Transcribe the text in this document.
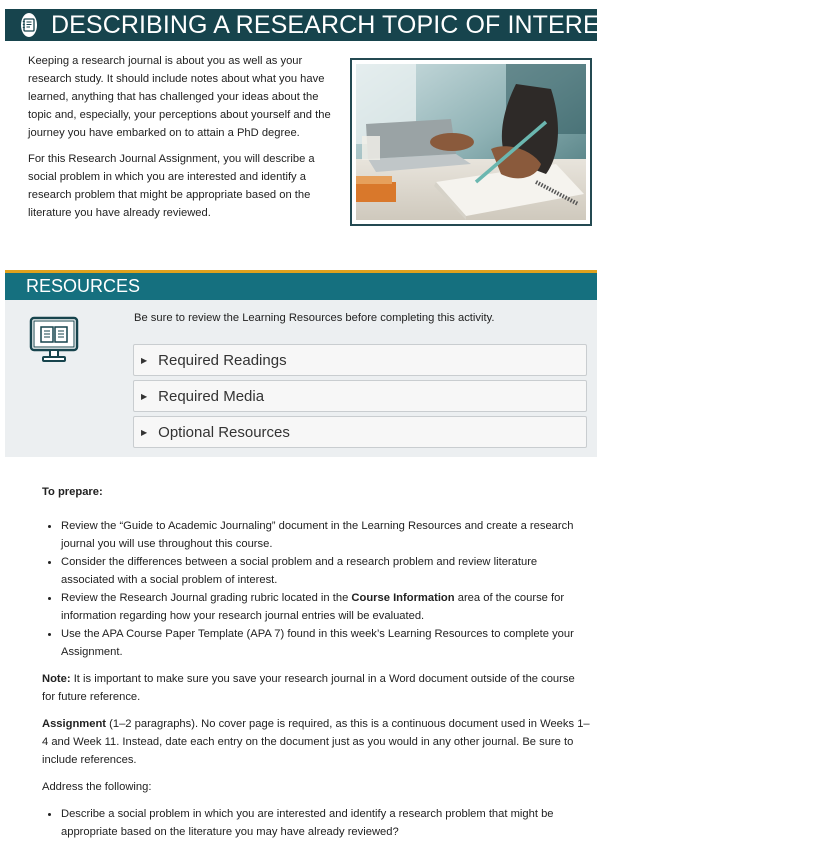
DESCRIBING A RESEARCH TOPIC OF INTEREST

Keeping a research journal is about you as well as your research study. It should include notes about what you have learned, anything that has challenged your ideas about the topic and, especially, your perceptions about yourself and the journey you have embarked on to attain a PhD degree.

For this Research Journal Assignment, you will describe a social problem in which you are interested and identify a research problem that might be appropriate based on the literature you have already reviewed.

RESOURCES
Be sure to review the Learning Resources before completing this activity.
▶ Required Readings
▶ Required Media
▶ Optional Resources

To prepare:

Review the “Guide to Academic Journaling” document in the Learning Resources and create a research journal you will use throughout this course.
Consider the differences between a social problem and a research problem and review literature associated with a social problem of interest.
Review the Research Journal grading rubric located in the Course Information area of the course for information regarding how your research journal entries will be evaluated.
Use the APA Course Paper Template (APA 7) found in this week’s Learning Resources to complete your Assignment.

Note: It is important to make sure you save your research journal in a Word document outside of the course for future reference.

Assignment (1–2 paragraphs). No cover page is required, as this is a continuous document used in Weeks 1–4 and Week 11. Instead, date each entry on the document just as you would in any other journal. Be sure to include references.

Address the following:

Describe a social problem in which you are interested and identify a research problem that might be appropriate based on the literature you may have already reviewed?
